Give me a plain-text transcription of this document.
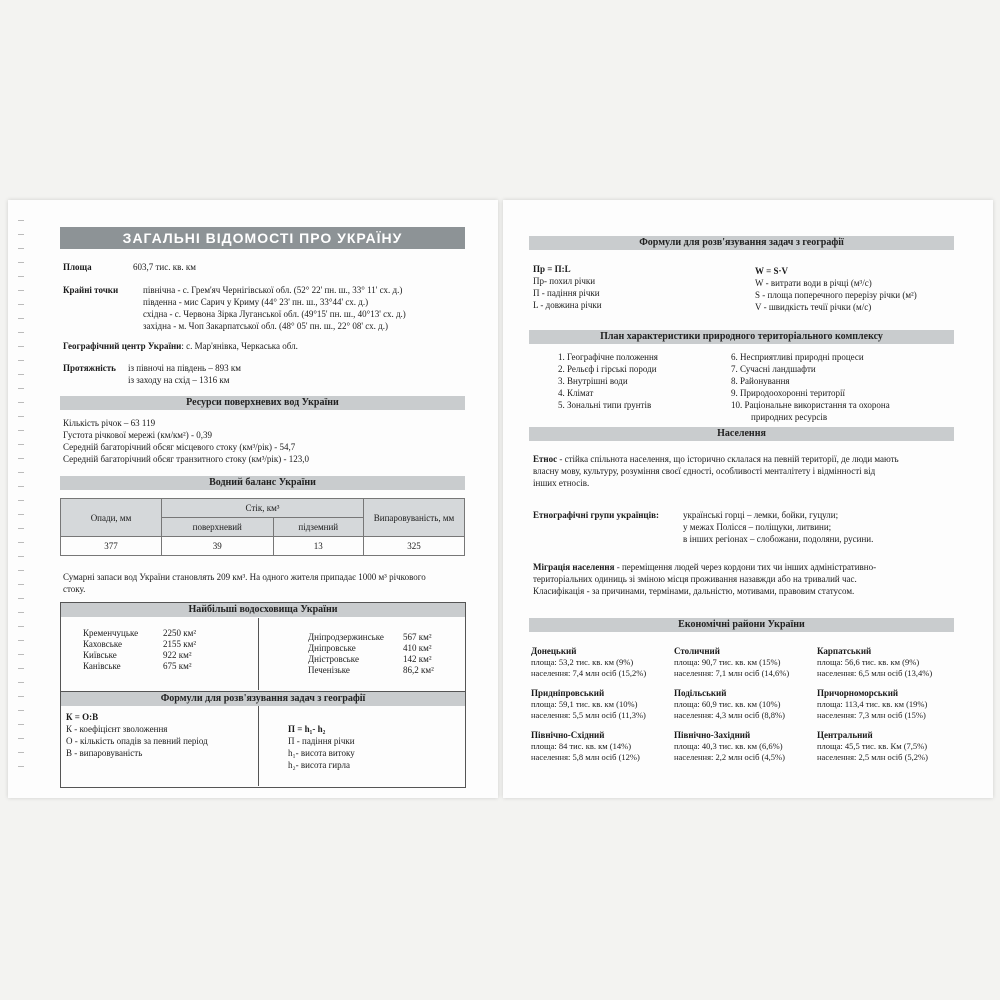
ЗАГАЛЬНІ ВІДОМОСТІ ПРО УКРАЇНУ
Площа	603,7 тис. кв. км
Крайні точки	північна - с. Грем'яч Чернігівської обл. (52° 22' пн. ш., 33° 11' сх. д.)
південна - мис Сарич у Криму (44° 23' пн. ш., 33°44' сх. д.)
східна - с. Червона Зірка Луганської обл. (49°15' пн. ш., 40°13' сх. д.)
західна - м. Чоп Закарпатської обл. (48° 05' пн. ш., 22° 08' сх. д.)
Географічний центр України: с. Мар'янівка, Черкаська обл.
Протяжність із півночі на південь – 893 км
із заходу на схід – 1316 км
Ресурси поверхневих вод України
Кількість річок – 63 119
Густота річкової мережі (км/км²) - 0,39
Середній багаторічний обсяг місцевого стоку (км³/рік) - 54,7
Середній багаторічний обсяг транзитного стоку (км³/рік) - 123,0
Водний баланс України
Опади, мм	Стік, км³		Випаровуваність, мм
	поверхневий	підземний	
377	39	13	325
Сумарні запаси вод України становлять 209 км³. На одного жителя припадає 1000 м³ річкового
стоку.
Найбільші водосховища України
Кременчуцьке	2250 км²
Каховське	2155 км²
Київське	922 км²
Канівське	675 км²
Дніпродзержинське 567 км²
Дніпровське	410 км²
Дністровське	142 км²
Печенізьке	86,2 км²
Формули для розв'язування задач з географії
К = О:В
К - коефіцієнт зволоження
О - кількість опадів за певний період
В - випаровуваність
П = h₁- h₂
П - падіння річки
h₁- висота витоку
h₂- висота гирла
Формули для розв'язування задач з географії
Пр = П:L
Пр- похил річки
П - падіння річки
L - довжина річки
W = S·V
W - витрати води в річці (м³/с)
S - площа поперечного перерізу річки (м²)
V - швидкість течії річки (м/с)
План характеристики природного територіального комплексу
1. Географічне положення
2. Рельєф і гірські породи
3. Внутрішні води
4. Клімат
5. Зональні типи ґрунтів
6. Несприятливі природні процеси
7. Сучасні ландшафти
8. Районування
9. Природоохоронні території
10. Раціональне використання та охорона
природних ресурсів
Населення
Етнос - стійка спільнота населення, що історично склалася на певній території, де люди мають
власну мову, культуру, розуміння своєї єдності, особливості менталітету і відмінності від
інших етносів.
Етнографічні групи українців:	українські горці – лемки, бойки, гуцули;
у межах Полісся – поліщуки, литвини;
в інших регіонах – слобожани, подоляни, русини.
Міграція населення - переміщення людей через кордони тих чи інших адміністративно-
територіальних одиниць зі зміною місця проживання назавжди або на тривалий час.
Класифікація - за причинами, термінами, дальністю, мотивами, правовим статусом.
Економічні райони України
Донецький
площа: 53,2 тис. кв. км (9%)
населення: 7,4 млн осіб (15,2%)
Столичний
площа: 90,7 тис. кв. км (15%)
населення: 7,1 млн осіб (14,6%)
Карпатський
площа: 56,6 тис. кв. км (9%)
населення: 6,5 млн осіб (13,4%)
Придніпровський
площа: 59,1 тис. кв. км (10%)
населення: 5,5 млн осіб (11,3%)
Подільський
площа: 60,9 тис. кв. км (10%)
населення: 4,3 млн осіб (8,8%)
Причорноморський
площа: 113,4 тис. кв. км (19%)
населення: 7,3 млн осіб (15%)
Північно-Східний
площа: 84 тис. кв. км (14%)
населення: 5,8 млн осіб (12%)
Північно-Західний
площа: 40,3 тис. кв. км (6,6%)
населення: 2,2 млн осіб (4,5%)
Центральний
площа: 45,5 тис. кв. Км (7,5%)
населення: 2,5 млн осіб (5,2%)
